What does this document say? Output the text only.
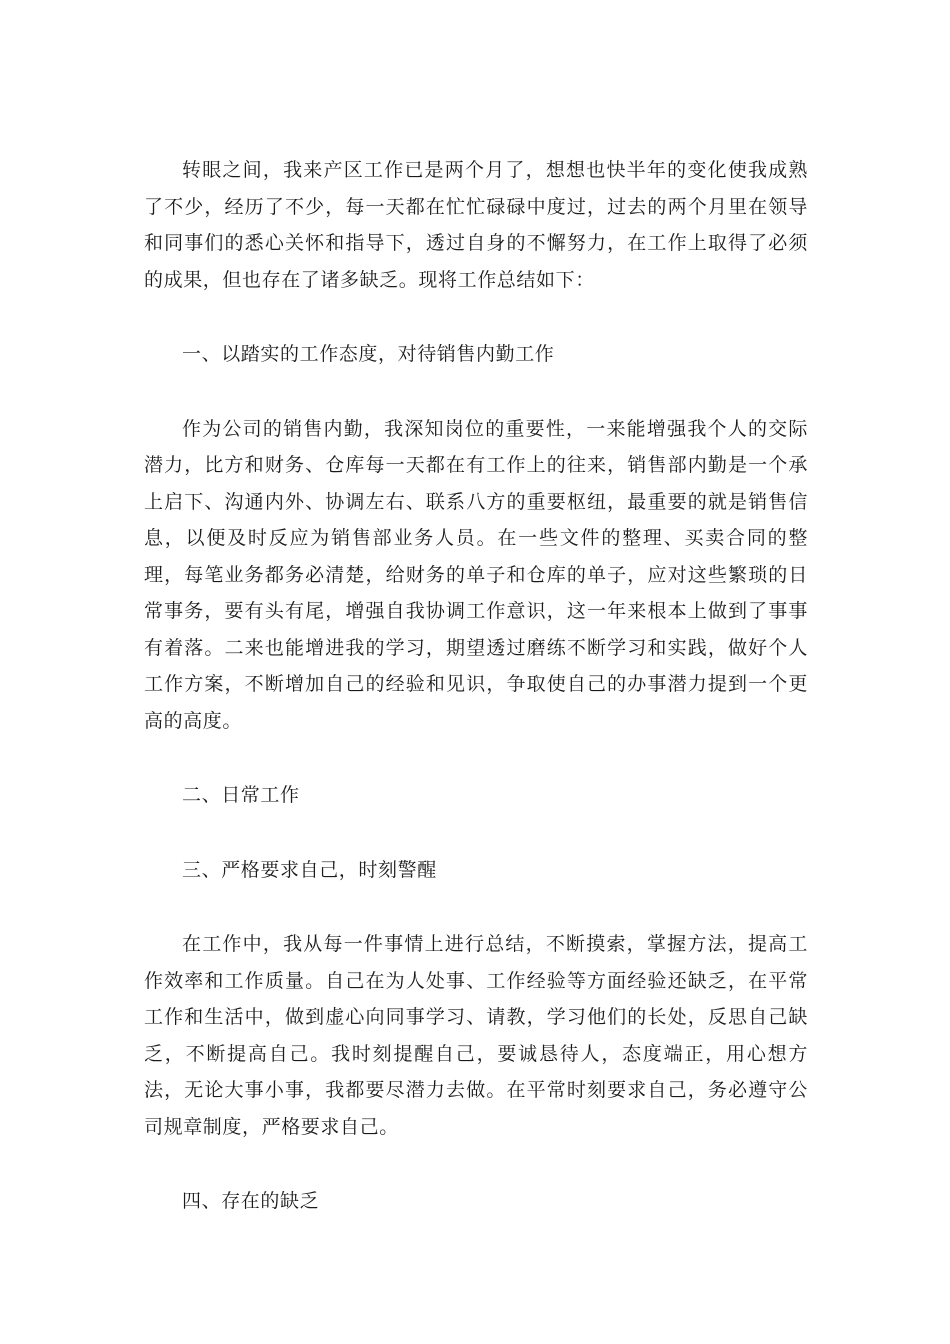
转眼之间，我来产区工作已是两个月了，想想也快半年的变化使我成熟了不少，经历了不少，每一天都在忙忙碌碌中度过，过去的两个月里在领导和同事们的悉心关怀和指导下，透过自身的不懈努力，在工作上取得了必须的成果，但也存在了诸多缺乏。现将工作总结如下：

一、以踏实的工作态度，对待销售内勤工作

作为公司的销售内勤，我深知岗位的重要性，一来能增强我个人的交际潜力，比方和财务、仓库每一天都在有工作上的往来，销售部内勤是一个承上启下、沟通内外、协调左右、联系八方的重要枢纽，最重要的就是销售信息，以便及时反应为销售部业务人员。在一些文件的整理、买卖合同的整理，每笔业务都务必清楚，给财务的单子和仓库的单子，应对这些繁琐的日常事务，要有头有尾，增强自我协调工作意识，这一年来根本上做到了事事有着落。二来也能增进我的学习，期望透过磨练不断学习和实践，做好个人工作方案，不断增加自己的经验和见识，争取使自己的办事潜力提到一个更高的高度。

二、日常工作

三、严格要求自己，时刻警醒

在工作中，我从每一件事情上进行总结，不断摸索，掌握方法，提高工作效率和工作质量。自己在为人处事、工作经验等方面经验还缺乏，在平常工作和生活中，做到虚心向同事学习、请教，学习他们的长处，反思自己缺乏，不断提高自己。我时刻提醒自己，要诚恳待人，态度端正，用心想方法，无论大事小事，我都要尽潜力去做。在平常时刻要求自己，务必遵守公司规章制度，严格要求自己。

四、存在的缺乏
